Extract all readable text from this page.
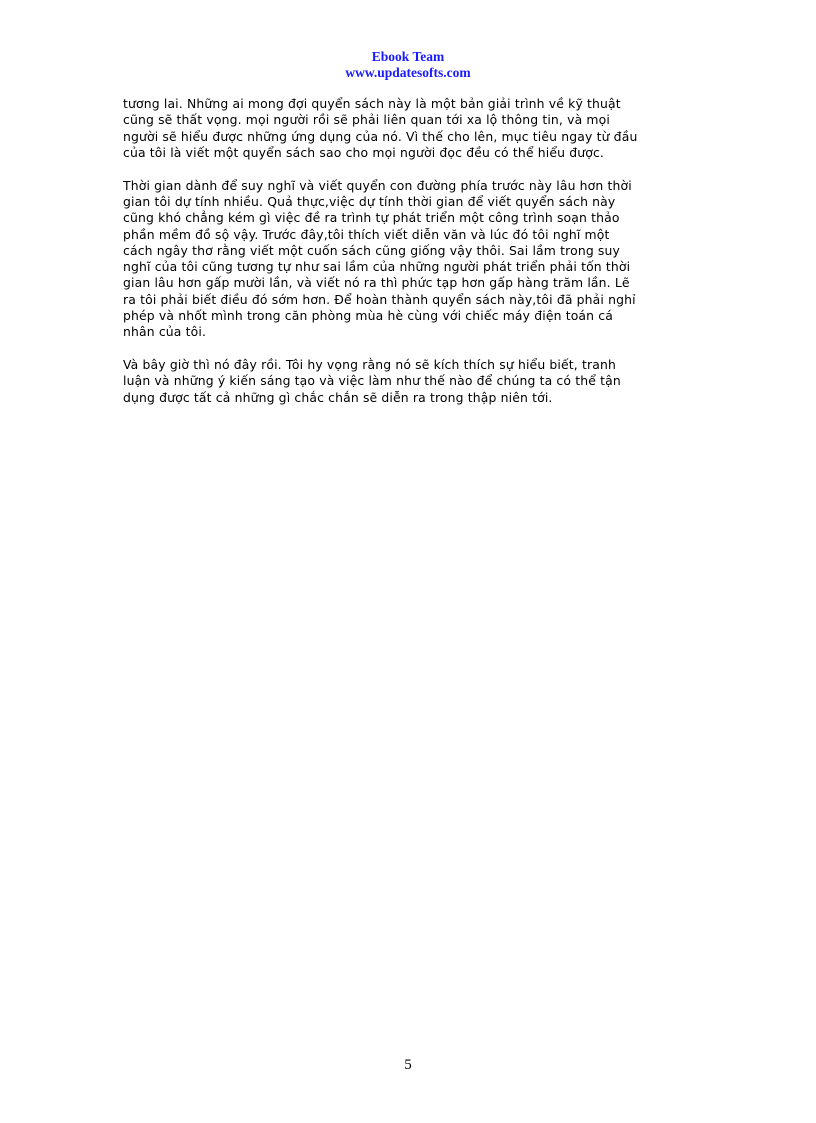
Ebook Team
www.updatesofts.com

tương lai. Những ai mong đợi quyển sách này là một bản giải trình về kỹ thuật
cũng sẽ thất vọng. mọi người rồi sẽ phải liên quan tới xa lộ thông tin, và mọi
người sẽ hiểu được những ứng dụng của nó. Vì thế cho lên, mục tiêu ngay từ đầu
của tôi là viết một quyển sách sao cho mọi người đọc đều có thể hiểu được.

Thời gian dành để suy nghĩ và viết quyển con đường phía trước này lâu hơn thời
gian tôi dự tính nhiều. Quả thực,việc dự tính thời gian để viết quyển sách này
cũng khó chẳng kém gì việc đề ra trình tự phát triển một công trình soạn thảo
phần mềm đồ sộ vậy. Trước đây,tôi thích viết diễn văn và lúc đó tôi nghĩ một
cách ngây thơ rằng viết một cuốn sách cũng giống vậy thôi. Sai lầm trong suy
nghĩ của tôi cũng tương tự như sai lầm của những người phát triển phải tốn thời
gian lâu hơn gấp mười lần, và viết nó ra thì phức tạp hơn gấp hàng trăm lần. Lẽ
ra tôi phải biết điều đó sớm hơn. Để hoàn thành quyển sách này,tôi đã phải nghỉ
phép và nhốt mình trong căn phòng mùa hè cùng với chiếc máy điện toán cá
nhân của tôi.

Và bây giờ thì nó đây rồi. Tôi hy vọng rằng nó sẽ kích thích sự hiểu biết, tranh
luận và những ý kiến sáng tạo và việc làm như thế nào để chúng ta có thể tận
dụng được tất cả những gì chắc chắn sẽ diễn ra trong thập niên tới.

5
